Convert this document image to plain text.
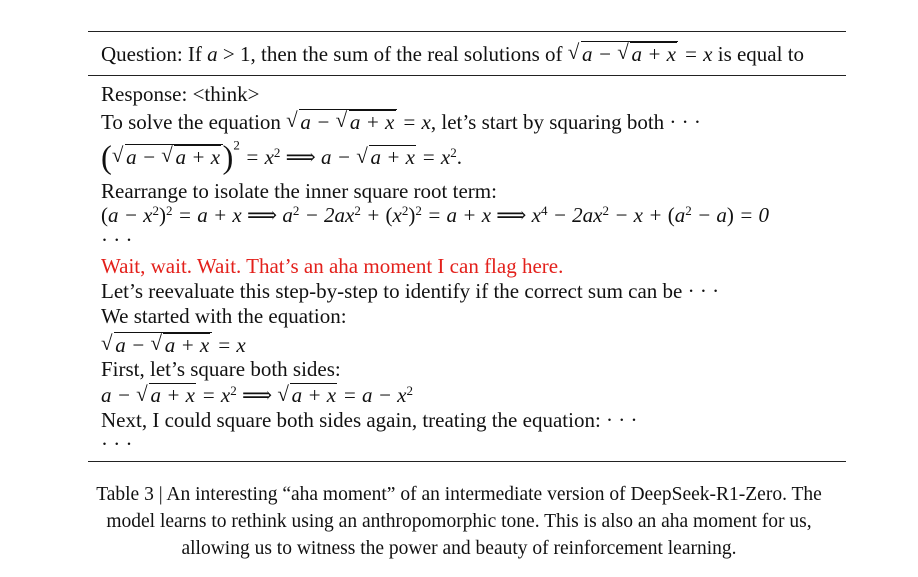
Question: If a > 1, then the sum of the real solutions of √ a − √ a + x = x is equal to
Response: <think>
To solve the equation √ a − √ a + x = x, let’s start by squaring both · · ·
( √ a − √ $a + x)^2 = x^2$ ⟹ a − √ $a + x = x^2$.
Rearrange to isolate the inner square root term:
$(a - x^2)^2 = a + x$ ⟹ $a^2 - 2ax^2 + (x^2)^2 = a + x$ ⟹ $x^4 - 2ax^2 - x + (a^2 - a) = 0$
· · ·
Wait, wait. Wait. That’s an aha moment I can flag here.
Let’s reevaluate this step-by-step to identify if the correct sum can be · · ·
We started with the equation:
√ a − √ a + x = x
First, let’s square both sides:
a − √ $a + x = x^2$ ⟹ √ $a + x = a - x^2$
Next, I could square both sides again, treating the equation: · · ·
· · ·
Table 3 | An interesting “aha moment” of an intermediate version of DeepSeek-R1-Zero. The
model learns to rethink using an anthropomorphic tone. This is also an aha moment for us,
allowing us to witness the power and beauty of reinforcement learning.
